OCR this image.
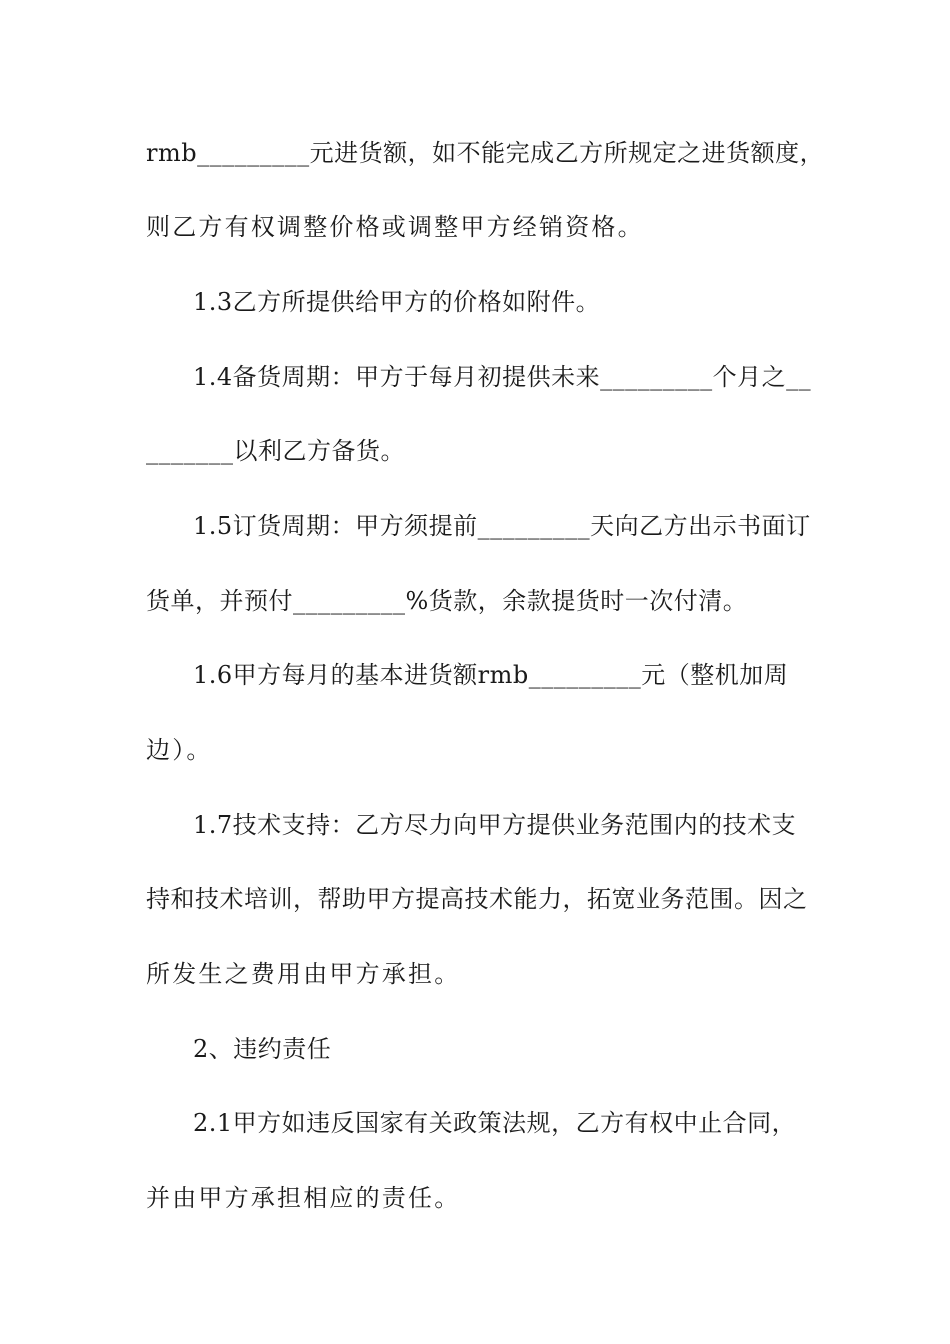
rmb_________元进货额，如不能完成乙方所规定之进货额度，
则乙方有权调整价格或调整甲方经销资格。
1.3乙方所提供给甲方的价格如附件。
1.4备货周期：甲方于每月初提供未来_________个月之__
_______以利乙方备货。
1.5订货周期：甲方须提前_________天向乙方出示书面订
货单，并预付_________%货款，余款提货时一次付清。
1.6甲方每月的基本进货额rmb_________元（整机加周
边）。
1.7技术支持：乙方尽力向甲方提供业务范围内的技术支
持和技术培训，帮助甲方提高技术能力，拓宽业务范围。因之
所发生之费用由甲方承担。
2、违约责任
2.1甲方如违反国家有关政策法规，乙方有权中止合同，
并由甲方承担相应的责任。
